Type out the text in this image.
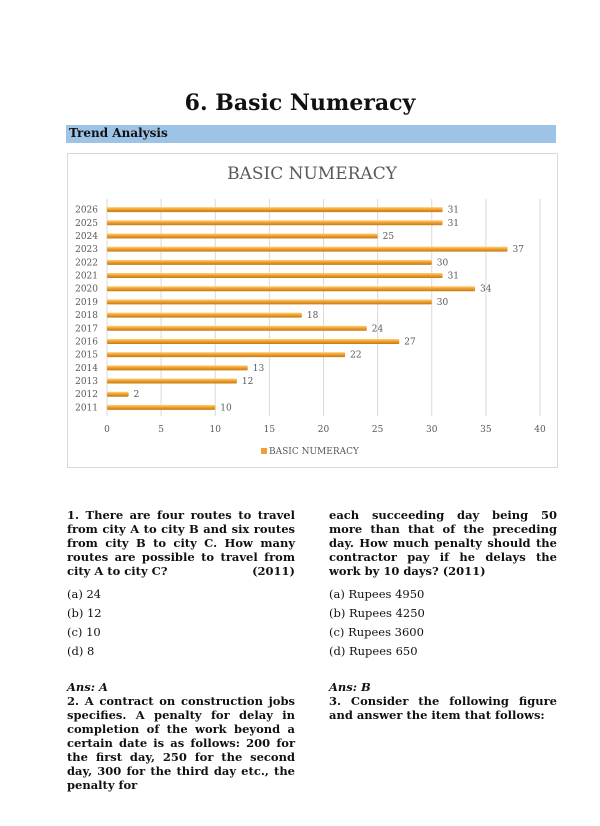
6. Basic Numeracy
Trend Analysis
BASIC NUMERACY
0	5	10	15	20	25	30	35	40
2011	10
2012	2
2013	12
2014	13
2015	22
2016	27
2017	24
2018	18
2019	30
2020	34
2021	31
2022	30
2023	37
2024	25
2025	31
2026	31
BASIC NUMERACY

1. There are four routes to travel from city A to city B and six routes from city B to city C. How many routes are possible to travel from city A to city C?	(2011)

(a) 24
(b) 12
(c) 10
(d) 8
Ans: A

2. A contract on construction jobs specifies. A penalty for delay in completion of the work beyond a certain date is as follows: 200 for the first day, 250 for the second day, 300 for the third day etc., the penalty for

each succeeding day being 50 more than that of the preceding day. How much penalty should the contractor pay if he delays the work by 10 days? (2011)

(a) Rupees 4950
(b) Rupees 4250
(c) Rupees 3600
(d) Rupees 650
Ans: B

3. Consider the following figure and answer the item that follows:
